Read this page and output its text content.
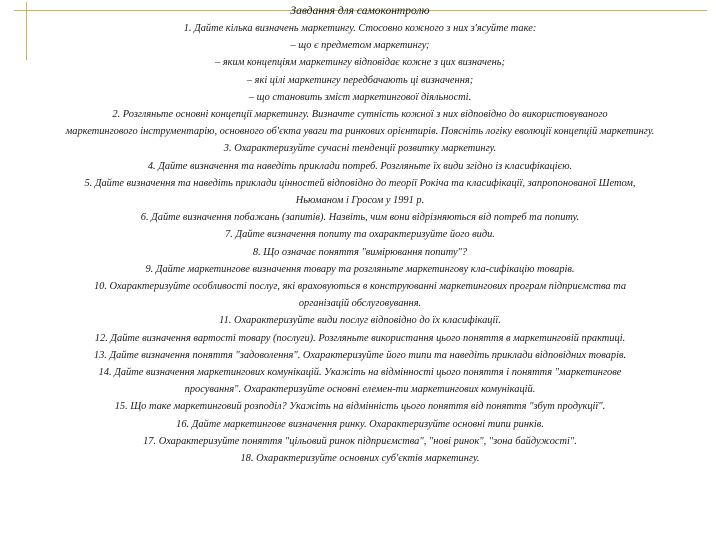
Завдання для самоконтролю
1. Дайте кілька визначень маркетингу. Стосовно кожного з них з'ясуйте таке:
– що є предметом маркетингу;
– яким концепціям маркетингу відповідає кожне з цих визначень;
– які цілі маркетингу передбачають ці визначення;
– що становить зміст маркетингової діяльності.
2. Розгляньте основні концепції маркетингу. Визначте сутність кожної з них відповідно до використовуваного
маркетингового інструментарію, основного об'єкта уваги та ринкових орієнтирів. Поясніть логіку еволюції концепцій маркетингу.
3. Охарактеризуйте сучасні тенденції розвитку маркетингу.
4. Дайте визначення та наведіть приклади потреб. Розгляньте їх види згідно із класифікацією.
5. Дайте визначення та наведіть приклади цінностей відповідно до теорії Рокіча та класифікації, запропонованої Шетом,
Ньюманом і Гросом у 1991 р.
6. Дайте визначення побажань (запитів). Назвіть, чим вони відрізняються від потреб та попиту.
7. Дайте визначення попиту та охарактеризуйте його види.
8. Що означає поняття "вимірювання попиту"?
9. Дайте маркетингове визначення товару та розгляньте маркетингову кла-сифікацію товарів.
10. Охарактеризуйте особливості послуг, які враховуються в конструюванні маркетингових програм підприємства та
організацій обслуговування.
11. Охарактеризуйте види послуг відповідно до їх класифікації.
12. Дайте визначення вартості товару (послуги). Розгляньте використання цього поняття в маркетинговій практиці.
13. Дайте визначення поняття "задоволення". Охарактеризуйте його типи та наведіть приклади відповідних товарів.
14. Дайте визначення маркетингових комунікацій. Укажіть на відмінності цього поняття і поняття "маркетингове
просування". Охарактеризуйте основні елемен-ти маркетингових комунікацій.
15. Що таке маркетинговий розподіл? Укажіть на відмінність цього поняття від поняття "збут продукції".
16. Дайте маркетингове визначення ринку. Охарактеризуйте основні типи ринків.
17. Охарактеризуйте поняття "цільовий ринок підприємства", "нові ринок", "зона байдужості".
18. Охарактеризуйте основних суб'єктів маркетингу.
